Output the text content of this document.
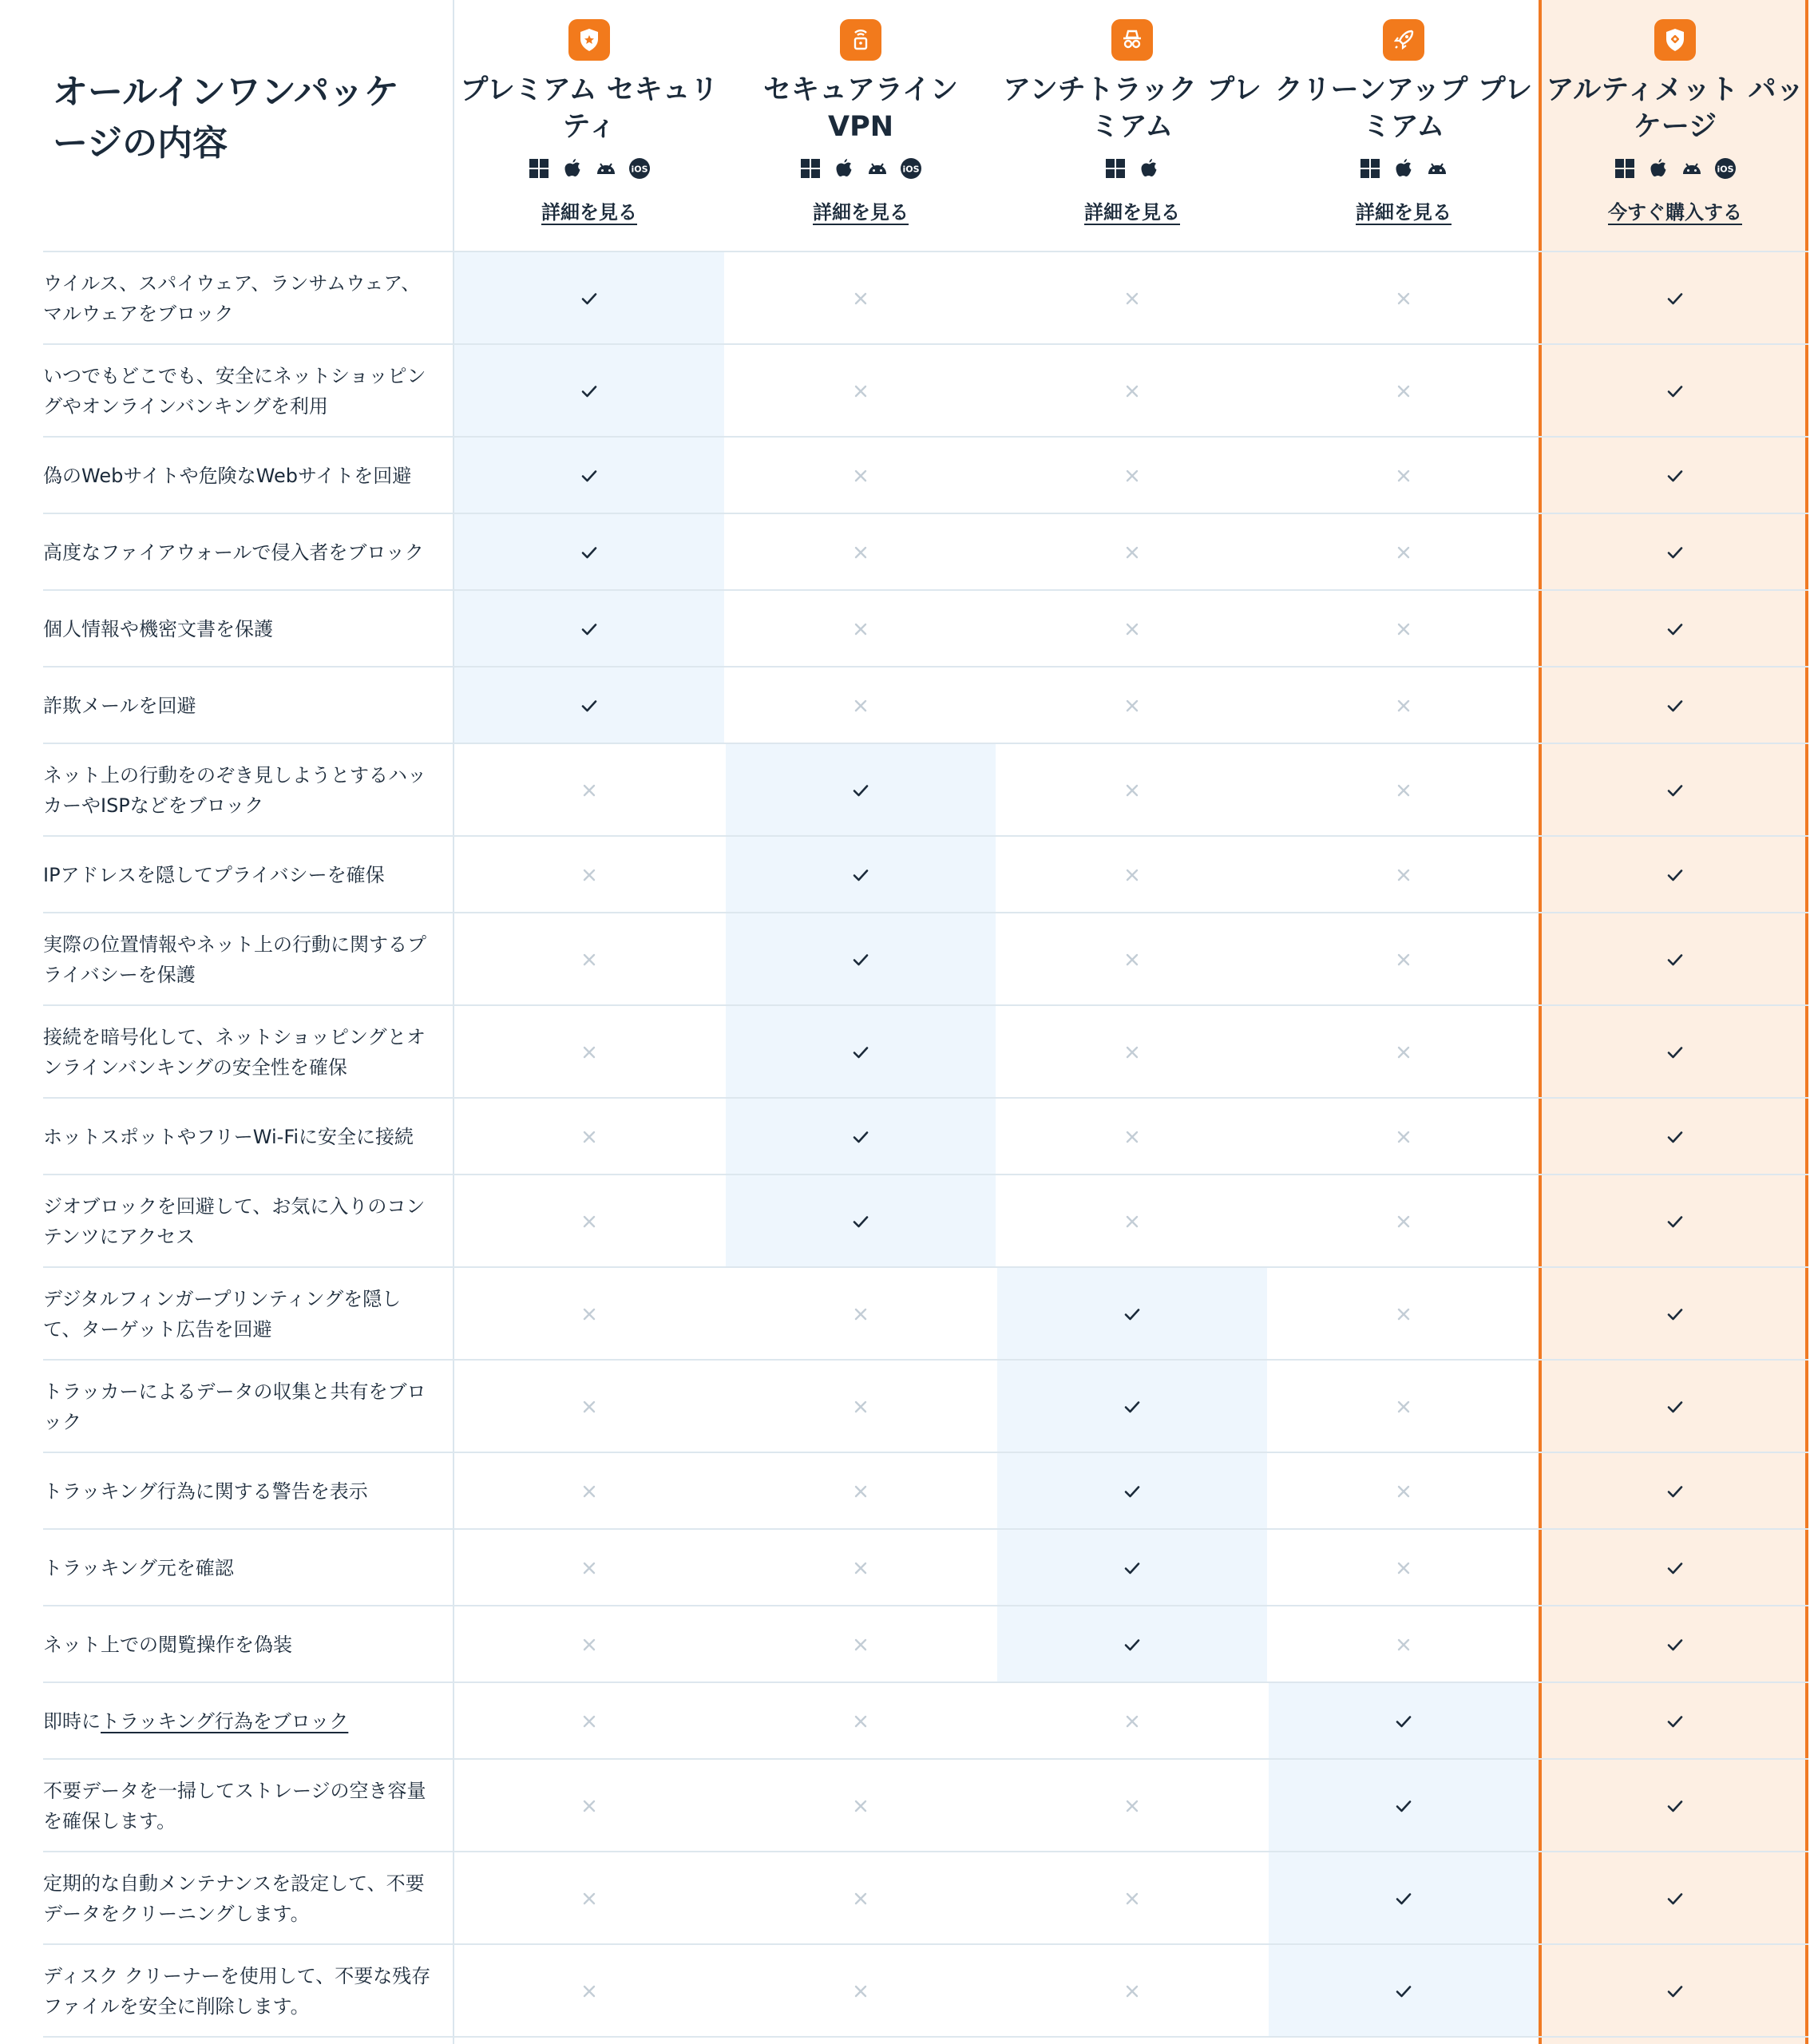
オールインワンパッケージの内容
プレミアム セキュリティ
iOS
詳細を見る
セキュアライン VPN
iOS
詳細を見る
アンチトラック プレミアム
詳細を見る
クリーンアップ プレミアム
詳細を見る
アルティメット パッケージ
iOS
今すぐ購入する
ウイルス、スパイウェア、ランサムウェア、マルウェアをブロック
いつでもどこでも、安全にネットショッピングやオンラインバンキングを利用
偽のWebサイトや危険なWebサイトを回避
高度なファイアウォールで侵入者をブロック
個人情報や機密文書を保護
詐欺メールを回避
ネット上の行動をのぞき見しようとするハッカーやISPなどをブロック
IPアドレスを隠してプライバシーを確保
実際の位置情報やネット上の行動に関するプライバシーを保護
接続を暗号化して、ネットショッピングとオンラインバンキングの安全性を確保
ホットスポットやフリーWi-Fiに安全に接続
ジオブロックを回避して、お気に入りのコンテンツにアクセス
デジタルフィンガープリンティングを隠して、ターゲット広告を回避
トラッカーによるデータの収集と共有をブロック
トラッキング行為に関する警告を表示
トラッキング元を確認
ネット上での閲覧操作を偽装
即時にトラッキング行為をブロック
不要データを一掃してストレージの空き容量を確保します。
定期的な自動メンテナンスを設定して、不要データをクリーニングします。
ディスク クリーナーを使用して、不要な残存ファイルを安全に削除します。
